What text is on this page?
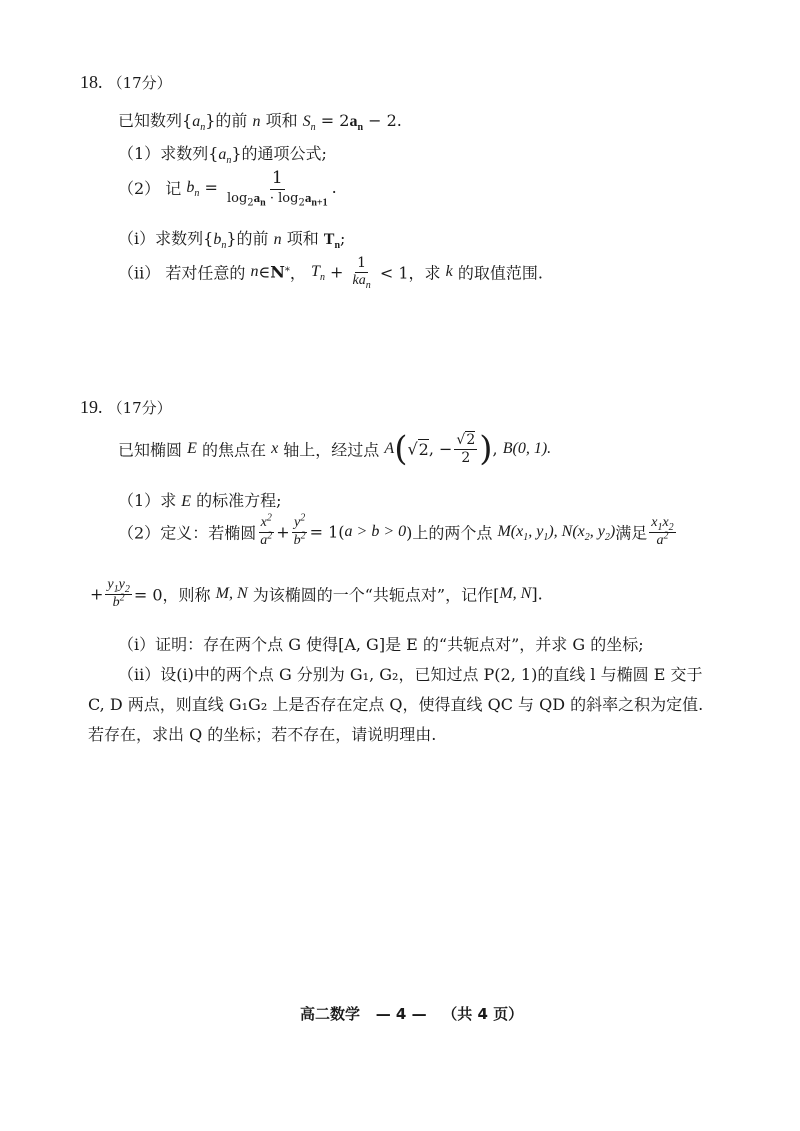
18. （17分）
已知数列$\{a_n\}$的前 n 项和 $S_n = 2a_n - 2$.
（1）求数列$\{a_n\}$的通项公式;
（2） 记 $b_n = \frac{1}{\log_2a_n \cdot \log_2a_{n+1}}$ .
（i）求数列$\{b_n\}$的前 n 项和 $T_n$;
（ii） 若对任意的 n∈N*， $T_n + \frac{1}{ka_n} < 1$，求 k 的取值范围.
19. （17分）
已知椭圆 E 的焦点在 x 轴上，经过点 A(√2, − $\frac{√2}{2}$ ), B(0, 1).
（1）求 E 的标准方程;
（2）定义：若椭圆 $\frac{x^2}{a^2} + \frac{y^2}{b^2} = 1(a > b > 0)$上的两个点 $M(x_1$, $y_1$), $N(x_2$, $y_2$)满足 $\frac{x_1x_2}{a^2}$
+ $\frac{y_1y_2}{b^2} = 0$，则称 M, N 为该椭圆的一个“共轭点对”，记作[M, N].
（i）证明：存在两个点 G 使得[A, G]是 E 的“共轭点对”，并求 G 的坐标;
（ii）设(i)中的两个点 G 分别为 G₁, G₂，已知过点 P(2, 1)的直线 l 与椭圆 E 交于
C, D 两点，则直线 G₁G₂ 上是否存在定点 Q，使得直线 QC 与 QD 的斜率之积为定值.
若存在，求出 Q 的坐标；若不存在，请说明理由.
高二数学 — 4 — （共 4 页）
